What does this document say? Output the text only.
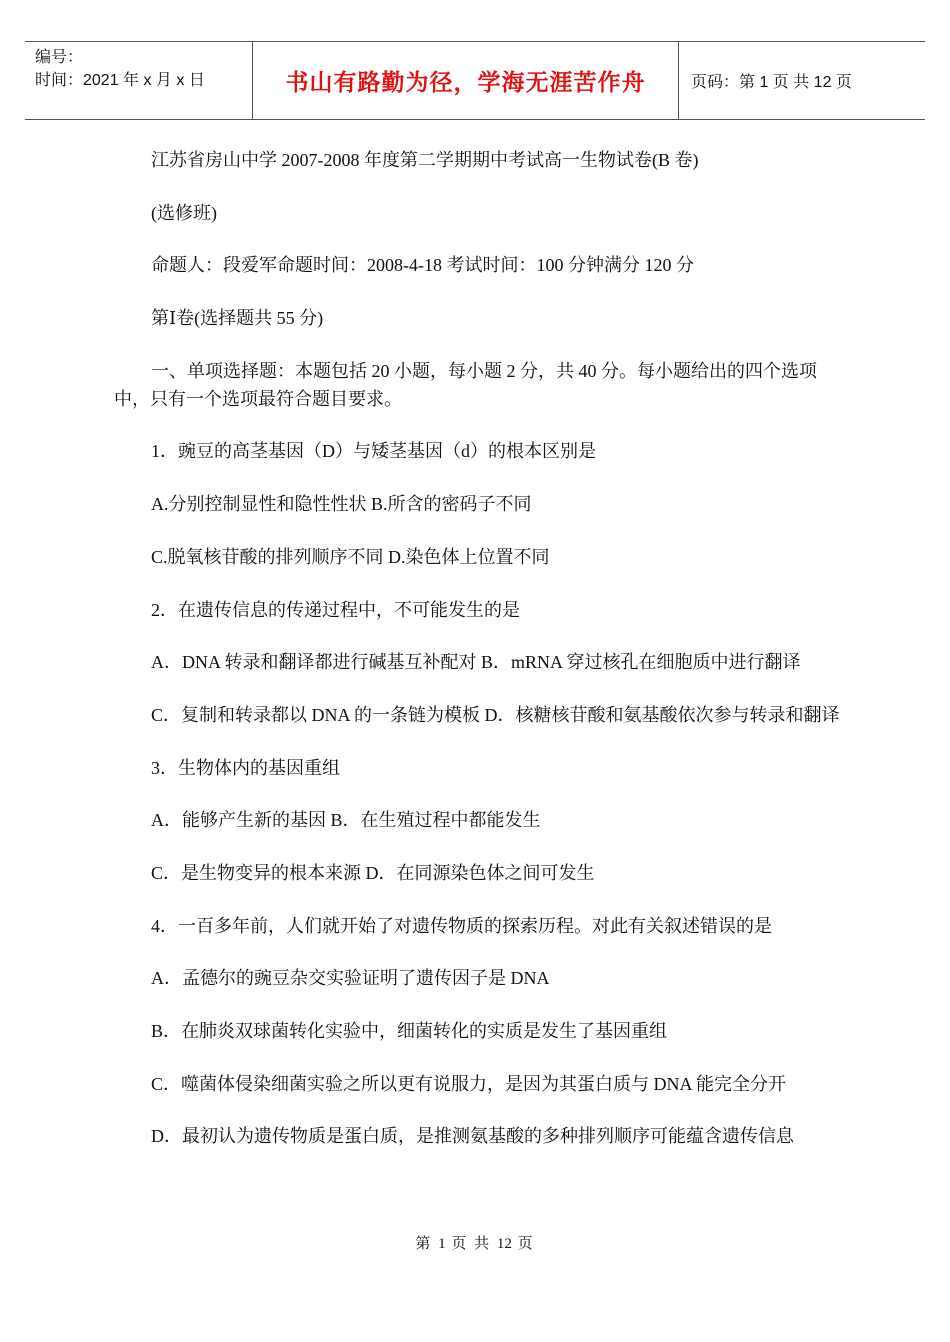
编号：
时间：2021 年 x 月 x 日	书山有路勤为径，学海无涯苦作舟	页码：第 1 页 共 12 页

江苏省房山中学 2007-2008 年度第二学期期中考试高一生物试卷(B 卷)

(选修班)

命题人：段爱军命题时间：2008-4-18 考试时间：100 分钟满分 120 分

第Ⅰ卷(选择题共 55 分)

一、单项选择题：本题包括 20 小题，每小题 2 分，共 40 分。每小题给出的四个选项中，只有一个选项最符合题目要求。

1．豌豆的高茎基因（D）与矮茎基因（d）的根本区别是

A.分别控制显性和隐性性状 B.所含的密码子不同

C.脱氧核苷酸的排列顺序不同 D.染色体上位置不同

2．在遗传信息的传递过程中，不可能发生的是

A．DNA 转录和翻译都进行碱基互补配对 B．mRNA 穿过核孔在细胞质中进行翻译

C．复制和转录都以 DNA 的一条链为模板 D．核糖核苷酸和氨基酸依次参与转录和翻译

3．生物体内的基因重组

A．能够产生新的基因 B．在生殖过程中都能发生

C．是生物变异的根本来源 D．在同源染色体之间可发生

4．一百多年前，人们就开始了对遗传物质的探索历程。对此有关叙述错误的是

A．孟德尔的豌豆杂交实验证明了遗传因子是 DNA

B．在肺炎双球菌转化实验中，细菌转化的实质是发生了基因重组

C．噬菌体侵染细菌实验之所以更有说服力，是因为其蛋白质与 DNA 能完全分开

D．最初认为遗传物质是蛋白质，是推测氨基酸的多种排列顺序可能蕴含遗传信息

第 1 页 共 12 页
